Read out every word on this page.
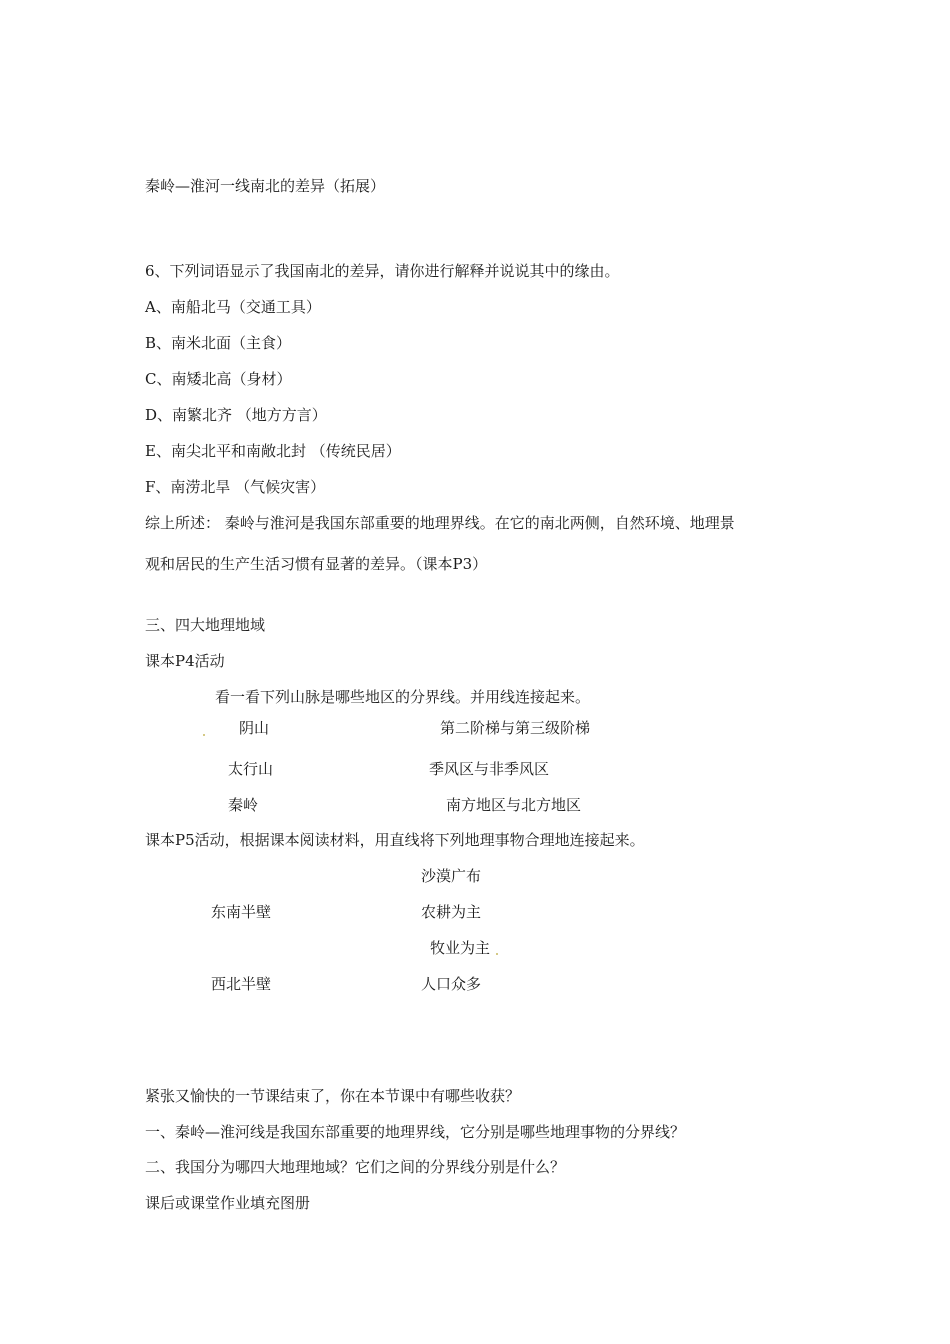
秦岭—淮河一线南北的差异（拓展）
6、下列词语显示了我国南北的差异，请你进行解释并说说其中的缘由。
A、南船北马（交通工具）
B、南米北面（主食）
C、南矮北高（身材）
D、南繁北齐 （地方方言）
E、南尖北平和南敞北封 （传统民居）
F、南涝北旱 （气候灾害）
综上所述： 秦岭与淮河是我国东部重要的地理界线。在它的南北两侧，自然环境、地理景
观和居民的生产生活习惯有显著的差异。（课本P3）
三、四大地理地域
课本P4活动
看一看下列山脉是哪些地区的分界线。并用线连接起来。
阴山	第二阶梯与第三级阶梯
太行山	季风区与非季风区
秦岭	南方地区与北方地区
课本P5活动，根据课本阅读材料，用直线将下列地理事物合理地连接起来。
沙漠广布
东南半壁	农耕为主
牧业为主
西北半壁	人口众多
紧张又愉快的一节课结束了，你在本节课中有哪些收获？
一、秦岭—淮河线是我国东部重要的地理界线，它分别是哪些地理事物的分界线？
二、我国分为哪四大地理地域？它们之间的分界线分别是什么？
课后或课堂作业填充图册
